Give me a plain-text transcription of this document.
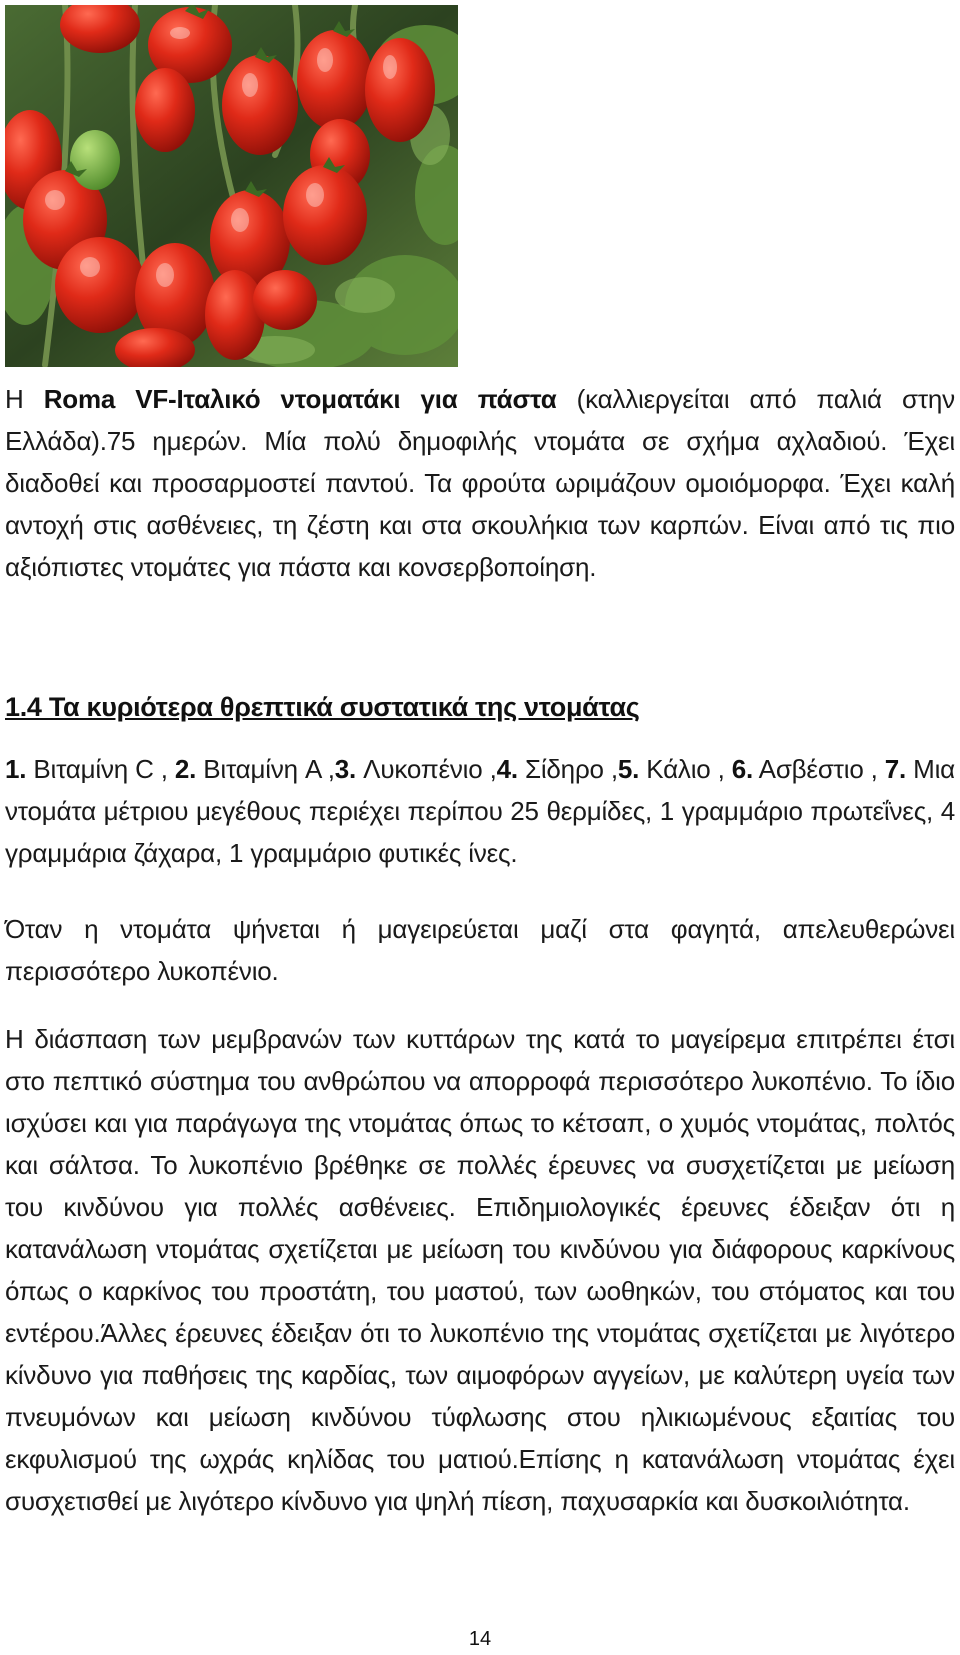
Η Roma VF-Ιταλικό ντοματάκι για πάστα (καλλιεργείται από παλιά στην Ελλάδα).75 ημερών. Μία πολύ δημοφιλής ντομάτα σε σχήμα αχλαδιού. Έχει διαδοθεί και προσαρμοστεί παντού. Τα φρούτα ωριμάζουν ομοιόμορφα. Έχει καλή αντοχή στις ασθένειες, τη ζέστη και στα σκουλήκια των καρπών. Είναι από τις πιο αξιόπιστες ντομάτες για πάστα και κονσερβοποίηση.

1.4 Τα κυριότερα θρεπτικά συστατικά της ντομάτας

1. Βιταμίνη C , 2. Βιταμίνη A ,3. Λυκοπένιο ,4. Σίδηρο ,5. Κάλιο , 6. Ασβέστιο , 7. Μια ντομάτα μέτριου μεγέθους περιέχει περίπου 25 θερμίδες, 1 γραμμάριο πρωτεΐνες, 4 γραμμάρια ζάχαρα, 1 γραμμάριο φυτικές ίνες.

Όταν η ντομάτα ψήνεται ή μαγειρεύεται μαζί στα φαγητά, απελευθερώνει περισσότερο λυκοπένιο.

Η διάσπαση των μεμβρανών των κυττάρων της κατά το μαγείρεμα επιτρέπει έτσι στο πεπτικό σύστημα του ανθρώπου να απορροφά περισσότερο λυκοπένιο. Το ίδιο ισχύσει και για παράγωγα της ντομάτας όπως το κέτσαπ, ο χυμός ντομάτας, πολτός και σάλτσα. Το λυκοπένιο βρέθηκε σε πολλές έρευνες να συσχετίζεται με μείωση του κινδύνου για πολλές ασθένειες. Επιδημιολογικές έρευνες έδειξαν ότι η κατανάλωση ντομάτας σχετίζεται με μείωση του κινδύνου για διάφορους καρκίνους όπως ο καρκίνος του προστάτη, του μαστού, των ωοθηκών, του στόματος και του εντέρου.Άλλες έρευνες έδειξαν ότι το λυκοπένιο της ντομάτας σχετίζεται με λιγότερο κίνδυνο για παθήσεις της καρδίας, των αιμοφόρων αγγείων, με καλύτερη υγεία των πνευμόνων και μείωση κινδύνου τύφλωσης στου ηλικιωμένους εξαιτίας του εκφυλισμού της ωχράς κηλίδας του ματιού.Επίσης η κατανάλωση ντομάτας έχει συσχετισθεί με λιγότερο κίνδυνο για ψηλή πίεση, παχυσαρκία και δυσκοιλιότητα.

14
